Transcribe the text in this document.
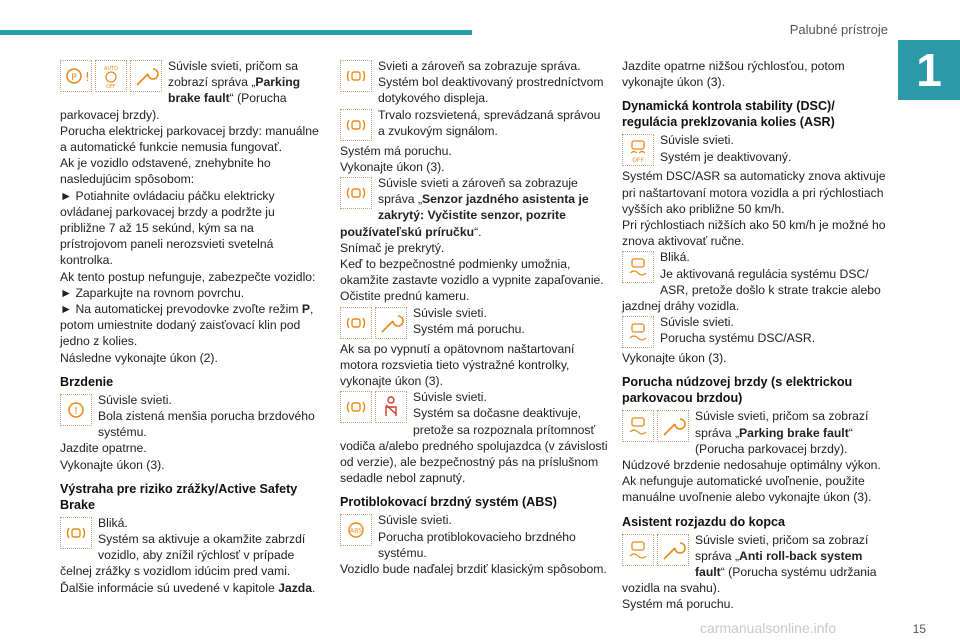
Palubné prístroje
1
P !
AUTO
OFF

Súvisle svieti, pričom sa zobrazí správa „Parking brake fault“ (Porucha parkovacej brzdy).

Porucha elektrickej parkovacej brzdy: manuálne a automatické funkcie nemusia fungovať.

Ak je vozidlo odstavené, znehybnite ho nasledujúcim spôsobom:

► Potiahnite ovládaciu páčku elektricky ovládanej parkovacej brzdy a podržte ju približne 7 až 15 sekúnd, kým sa na prístrojovom paneli nerozsvieti svetelná kontrolka.

Ak tento postup nefunguje, zabezpečte vozidlo:

► Zaparkujte na rovnom povrchu.

► Na automatickej prevodovke zvoľte režim P, potom umiestnite dodaný zaisťovací klin pod jedno z kolies.

Následne vykonajte úkon (2).

Brzdenie
!

Súvisle svieti.

Bola zistená menšia porucha brzdového systému.

Jazdite opatrne.

Vykonajte úkon (3).

Výstraha pre riziko zrážky/Active Safety Brake

Bliká.

Systém sa aktivuje a okamžite zabrzdí vozidlo, aby znížil rýchlosť v prípade čelnej zrážky s vozidlom idúcim pred vami.

Ďalšie informácie sú uvedené v kapitole Jazda.

Svieti a zároveň sa zobrazuje správa.

Systém bol deaktivovaný prostredníctvom dotykového displeja.

Trvalo rozsvietená, sprevádzaná správou a zvukovým signálom.

Systém má poruchu.

Vykonajte úkon (3).

Súvisle svieti a zároveň sa zobrazuje správa „Senzor jazdného asistenta je zakrytý: Vyčistite senzor, pozrite používateľskú príručku“.

Snímač je prekrytý.

Keď to bezpečnostné podmienky umožnia, okamžite zastavte vozidlo a vypnite zapaľovanie.

Očistite prednú kameru.

Súvisle svieti.

Systém má poruchu.

Ak sa po vypnutí a opätovnom naštartovaní motora rozsvietia tieto výstražné kontrolky, vykonajte úkon (3).

Súvisle svieti.

Systém sa dočasne deaktivuje, pretože sa rozpoznala prítomnosť vodiča a/alebo predného spolujazdca (v závislosti od verzie), ale bezpečnostný pás na príslušnom sedadle nebol zapnutý.

Protiblokovací brzdný systém (ABS)
ABS

Súvisle svieti.

Porucha protiblokovacieho brzdného systému.

Vozidlo bude naďalej brzdiť klasickým spôsobom.

Jazdite opatrne nižšou rýchlosťou, potom vykonajte úkon (3).

Dynamická kontrola stability (DSC)/ regulácia preklzovania kolies (ASR)
OFF

Súvisle svieti.

Systém je deaktivovaný.

Systém DSC/ASR sa automaticky znova aktivuje pri naštartovaní motora vozidla a pri rýchlostiach vyšších ako približne 50 km/h.

Pri rýchlostiach nižších ako 50 km/h je možné ho znova aktivovať ručne.

Bliká.

Je aktivovaná regulácia systému DSC/ ASR, pretože došlo k strate trakcie alebo jazdnej dráhy vozidla.

Súvisle svieti.

Porucha systému DSC/ASR.

Vykonajte úkon (3).

Porucha núdzovej brzdy (s elektrickou parkovacou brzdou)

Súvisle svieti, pričom sa zobrazí správa „Parking brake fault“ (Porucha parkovacej brzdy).

Núdzové brzdenie nedosahuje optimálny výkon.

Ak nefunguje automatické uvoľnenie, použite manuálne uvoľnenie alebo vykonajte úkon (3).

Asistent rozjazdu do kopca

Súvisle svieti, pričom sa zobrazí správa „Anti roll-back system fault“ (Porucha systému udržania vozidla na svahu).

Systém má poruchu.

carmanualsonline.info	15
